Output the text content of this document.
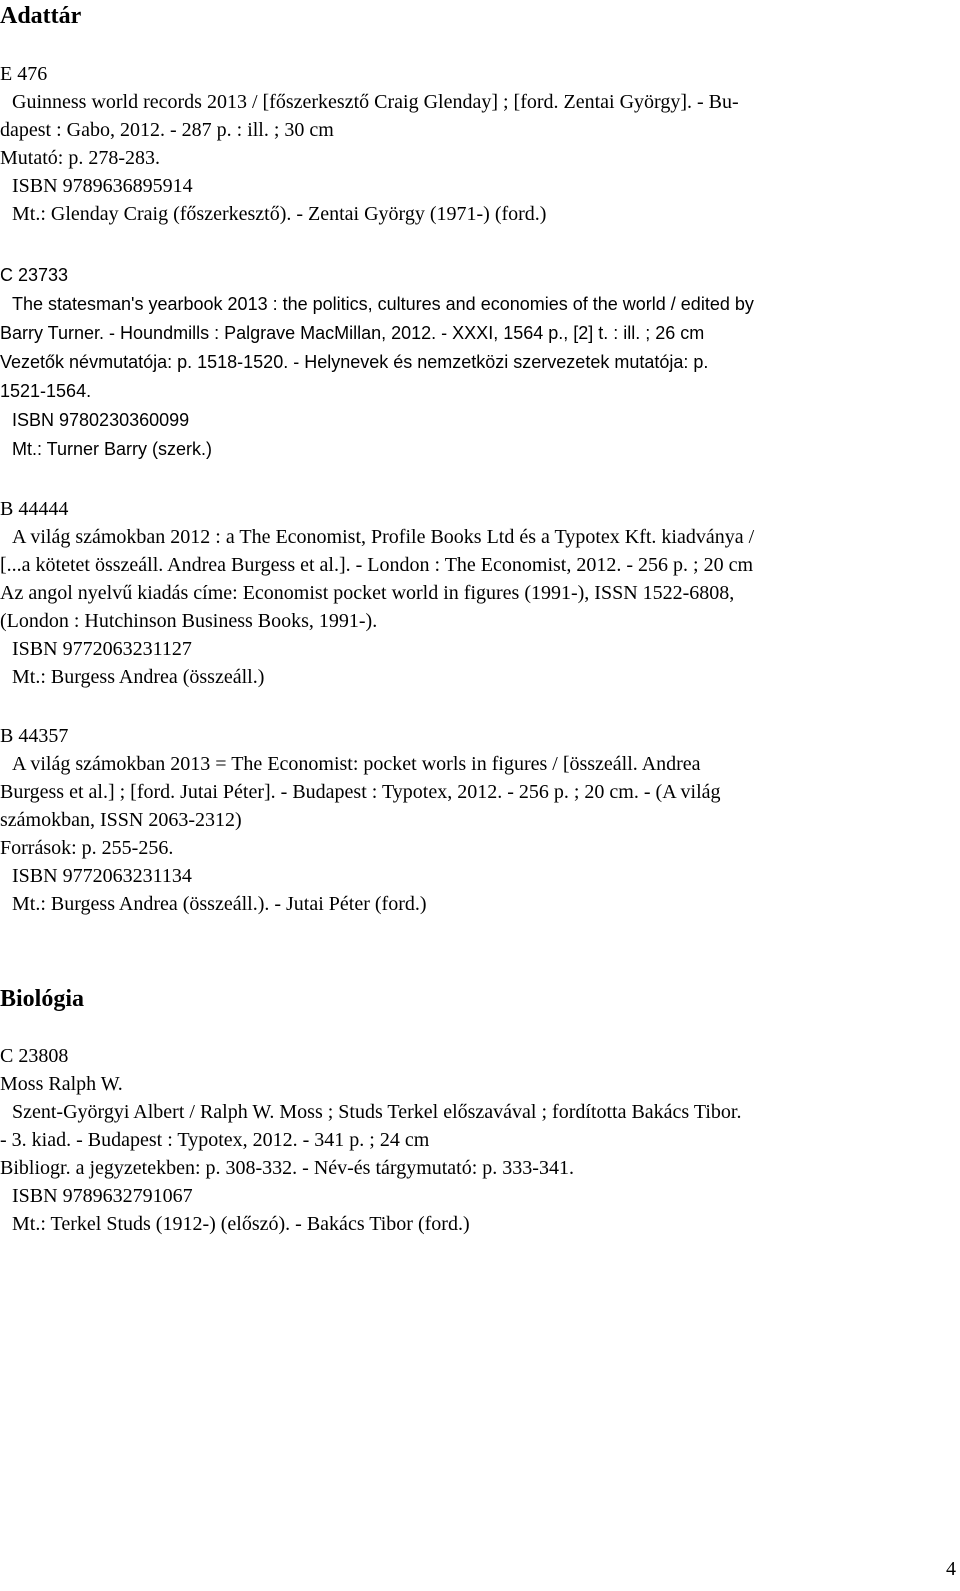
Adattár
E 476
Guinness world records 2013 / [főszerkesztő Craig Glenday] ; [ford. Zentai György]. - Bu-
dapest : Gabo, 2012. - 287 p. : ill. ; 30 cm
Mutató: p. 278-283.
ISBN 9789636895914
Mt.: Glenday Craig (főszerkesztő). - Zentai György (1971-) (ford.)
C 23733
The statesman's yearbook 2013 : the politics, cultures and economies of the world / edited by
Barry Turner. - Houndmills : Palgrave MacMillan, 2012. - XXXI, 1564 p., [2] t. : ill. ; 26 cm
Vezetők névmutatója: p. 1518-1520. - Helynevek és nemzetközi szervezetek mutatója: p.
1521-1564.
ISBN 9780230360099
Mt.: Turner Barry (szerk.)
B 44444
A világ számokban 2012 : a The Economist, Profile Books Ltd és a Typotex Kft. kiadványa /
[...a kötetet összeáll. Andrea Burgess et al.]. - London : The Economist, 2012. - 256 p. ; 20 cm
Az angol nyelvű kiadás címe: Economist pocket world in figures (1991-), ISSN 1522-6808,
(London : Hutchinson Business Books, 1991-).
ISBN 9772063231127
Mt.: Burgess Andrea (összeáll.)
B 44357
A világ számokban 2013 = The Economist: pocket worls in figures / [összeáll. Andrea
Burgess et al.] ; [ford. Jutai Péter]. - Budapest : Typotex, 2012. - 256 p. ; 20 cm. - (A világ
számokban, ISSN 2063-2312)
Források: p. 255-256.
ISBN 9772063231134
Mt.: Burgess Andrea (összeáll.). - Jutai Péter (ford.)
Biológia
C 23808
Moss Ralph W.
Szent-Györgyi Albert / Ralph W. Moss ; Studs Terkel előszavával ; fordította Bakács Tibor.
- 3. kiad. - Budapest : Typotex, 2012. - 341 p. ; 24 cm
Bibliogr. a jegyzetekben: p. 308-332. - Név-és tárgymutató: p. 333-341.
ISBN 9789632791067
Mt.: Terkel Studs (1912-) (előszó). - Bakács Tibor (ford.)
4
